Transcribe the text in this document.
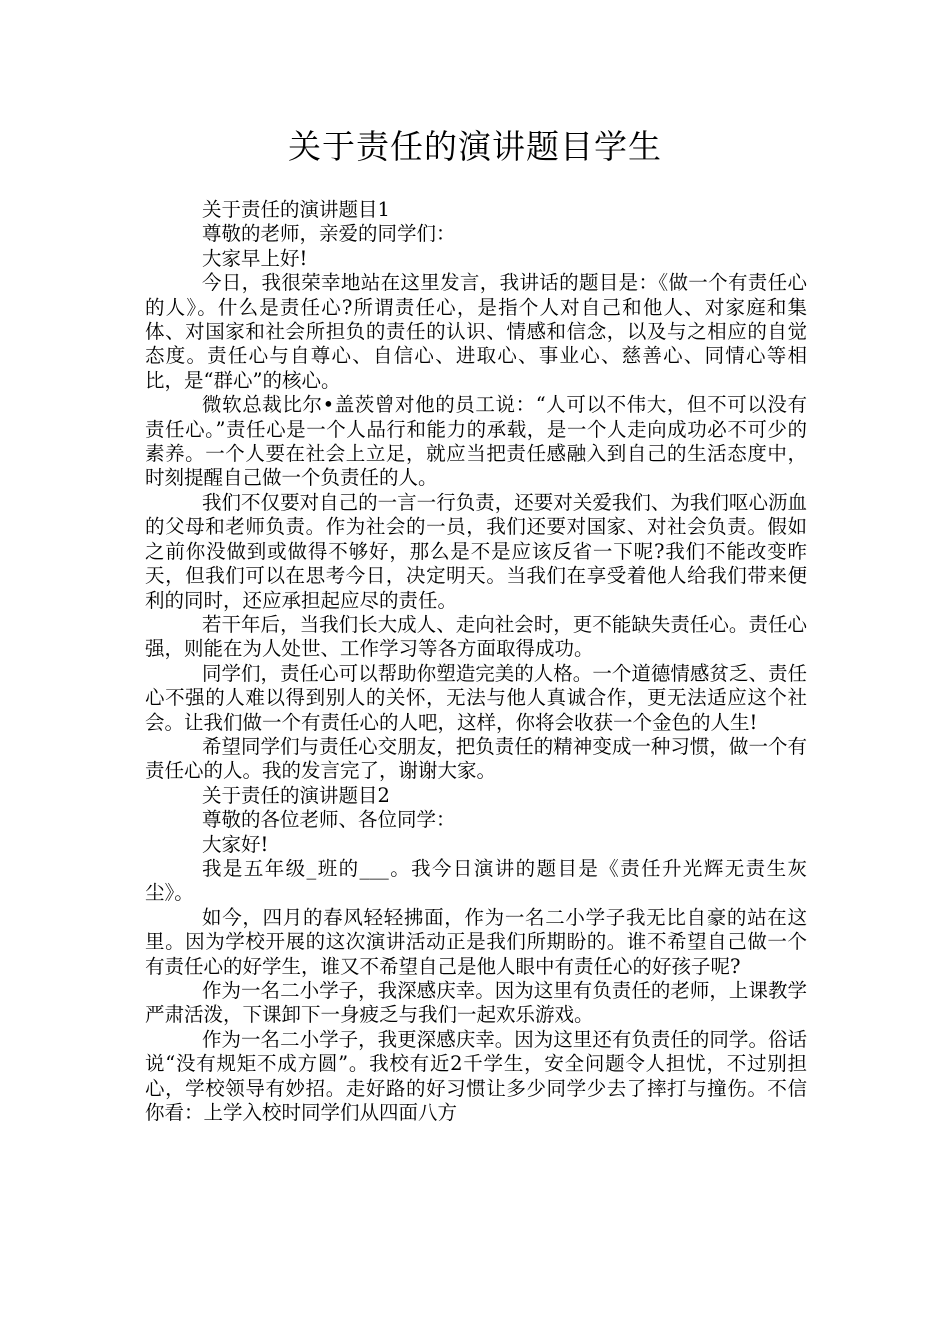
关于责任的演讲题目学生

关于责任的演讲题目1

尊敬的老师，亲爱的同学们：

大家早上好!

今日，我很荣幸地站在这里发言，我讲话的题目是：《做一个有责任心的人》。什么是责任心?所谓责任心，是指个人对自己和他人、对家庭和集体、对国家和社会所担负的责任的认识、情感和信念，以及与之相应的自觉态度。责任心与自尊心、自信心、进取心、事业心、慈善心、同情心等相比，是“群心”的核心。

微软总裁比尔•盖茨曾对他的员工说：“人可以不伟大，但不可以没有责任心。”责任心是一个人品行和能力的承载，是一个人走向成功必不可少的素养。一个人要在社会上立足，就应当把责任感融入到自己的生活态度中，时刻提醒自己做一个负责任的人。

我们不仅要对自己的一言一行负责，还要对关爱我们、为我们呕心沥血的父母和老师负责。作为社会的一员，我们还要对国家、对社会负责。假如之前你没做到或做得不够好，那么是不是应该反省一下呢?我们不能改变昨天，但我们可以在思考今日，决定明天。当我们在享受着他人给我们带来便利的同时，还应承担起应尽的责任。

若干年后，当我们长大成人、走向社会时，更不能缺失责任心。责任心强，则能在为人处世、工作学习等各方面取得成功。

同学们，责任心可以帮助你塑造完美的人格。一个道德情感贫乏、责任心不强的人难以得到别人的关怀，无法与他人真诚合作，更无法适应这个社会。让我们做一个有责任心的人吧，这样，你将会收获一个金色的人生!

希望同学们与责任心交朋友，把负责任的精神变成一种习惯，做一个有责任心的人。我的发言完了，谢谢大家。

关于责任的演讲题目2

尊敬的各位老师、各位同学：

大家好!

我是五年级_班的___。我今日演讲的题目是《责任升光辉无责生灰尘》。

如今，四月的春风轻轻拂面，作为一名二小学子我无比自豪的站在这里。因为学校开展的这次演讲活动正是我们所期盼的。谁不希望自己做一个有责任心的好学生，谁又不希望自己是他人眼中有责任心的好孩子呢?

作为一名二小学子，我深感庆幸。因为这里有负责任的老师，上课教学严肃活泼，下课卸下一身疲乏与我们一起欢乐游戏。

作为一名二小学子，我更深感庆幸。因为这里还有负责任的同学。俗话说“没有规矩不成方圆”。我校有近2千学生，安全问题令人担忧，不过别担心，学校领导有妙招。走好路的好习惯让多少同学少去了摔打与撞伤。不信你看：上学入校时同学们从四面八方
